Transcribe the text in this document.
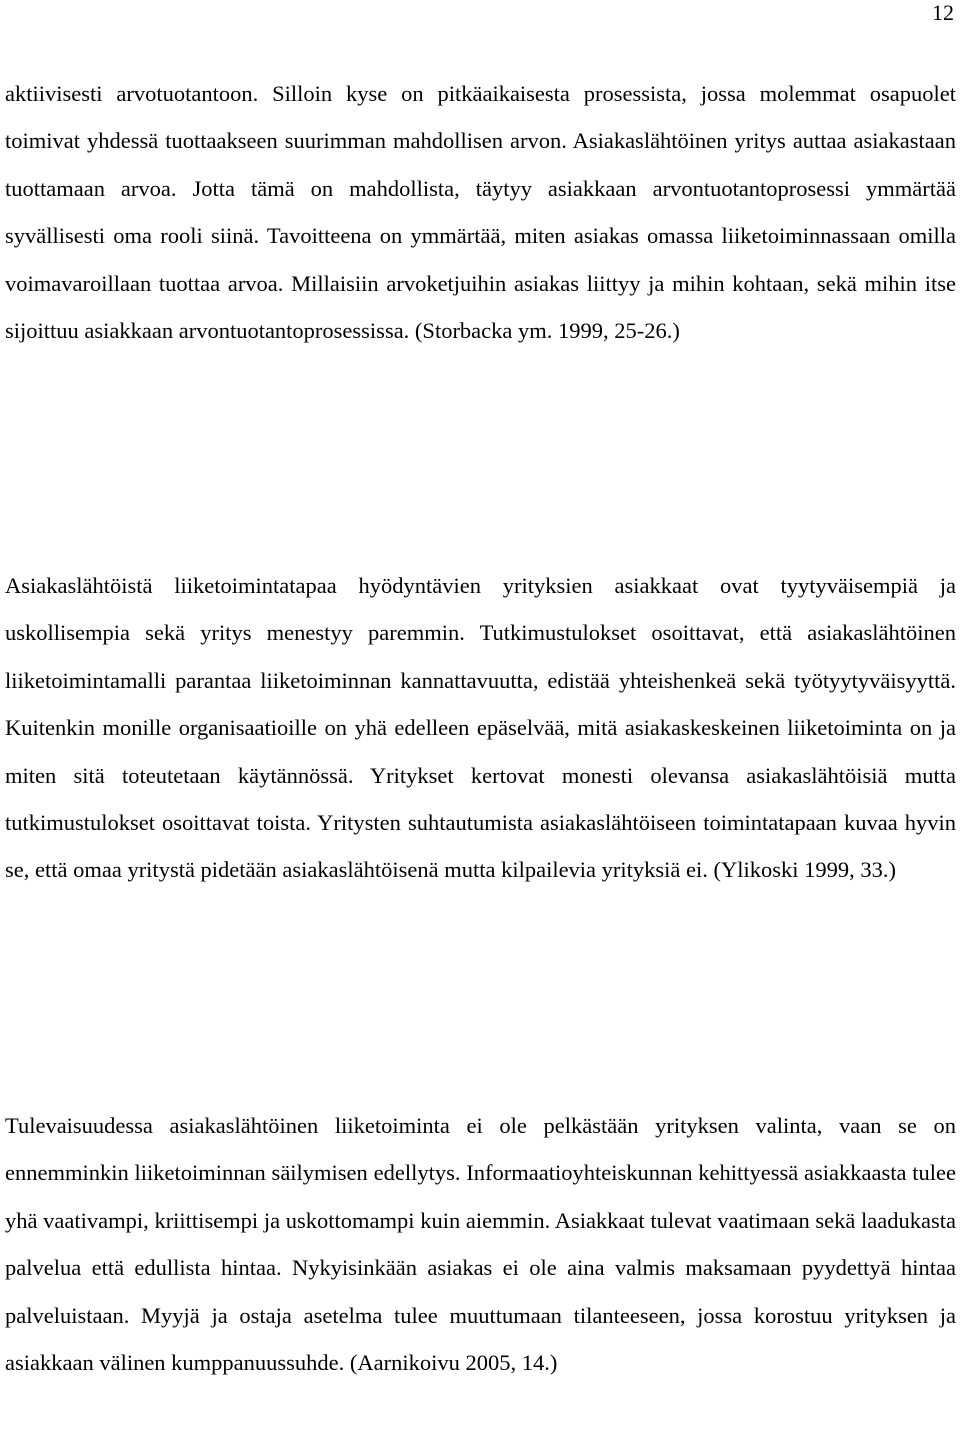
12

aktiivisesti arvotuotantoon. Silloin kyse on pitkäaikaisesta prosessista, jossa molemmat osapuolet toimivat yhdessä tuottaakseen suurimman mahdollisen arvon. Asiakaslähtöinen yritys auttaa asiakastaan tuottamaan arvoa. Jotta tämä on mahdollista, täytyy asiakkaan arvontuotantoprosessi ymmärtää syvällisesti oma rooli siinä. Tavoitteena on ymmärtää, miten asiakas omassa liiketoiminnassaan omilla voimavaroillaan tuottaa arvoa. Millaisiin arvoketjuihin asiakas liittyy ja mihin kohtaan, sekä mihin itse sijoittuu asiakkaan arvontuotantoprosessissa. (Storbacka ym. 1999, 25-26.)

Asiakaslähtöistä liiketoimintatapaa hyödyntävien yrityksien asiakkaat ovat tyytyväisempiä ja uskollisempia sekä yritys menestyy paremmin. Tutkimustulokset osoittavat, että asiakaslähtöinen liiketoimintamalli parantaa liiketoiminnan kannattavuutta, edistää yhteishenkeä sekä työtyytyväisyyttä. Kuitenkin monille organisaatioille on yhä edelleen epäselvää, mitä asiakaskeskeinen liiketoiminta on ja miten sitä toteutetaan käytännössä. Yritykset kertovat monesti olevansa asiakaslähtöisiä mutta tutkimustulokset osoittavat toista. Yritysten suhtautumista asiakaslähtöiseen toimintatapaan kuvaa hyvin se, että omaa yritystä pidetään asiakaslähtöisenä mutta kilpailevia yrityksiä ei. (Ylikoski 1999, 33.)

Tulevaisuudessa asiakaslähtöinen liiketoiminta ei ole pelkästään yrityksen valinta, vaan se on ennemminkin liiketoiminnan säilymisen edellytys. Informaatioyhteiskunnan kehittyessä asiakkaasta tulee yhä vaativampi, kriittisempi ja uskottomampi kuin aiemmin. Asiakkaat tulevat vaatimaan sekä laadukasta palvelua että edullista hintaa. Nykyisinkään asiakas ei ole aina valmis maksamaan pyydettyä hintaa palveluistaan. Myyjä ja ostaja asetelma tulee muuttumaan tilanteeseen, jossa korostuu yrityksen ja asiakkaan välinen kumppanuussuhde. (Aarnikoivu 2005, 14.)
